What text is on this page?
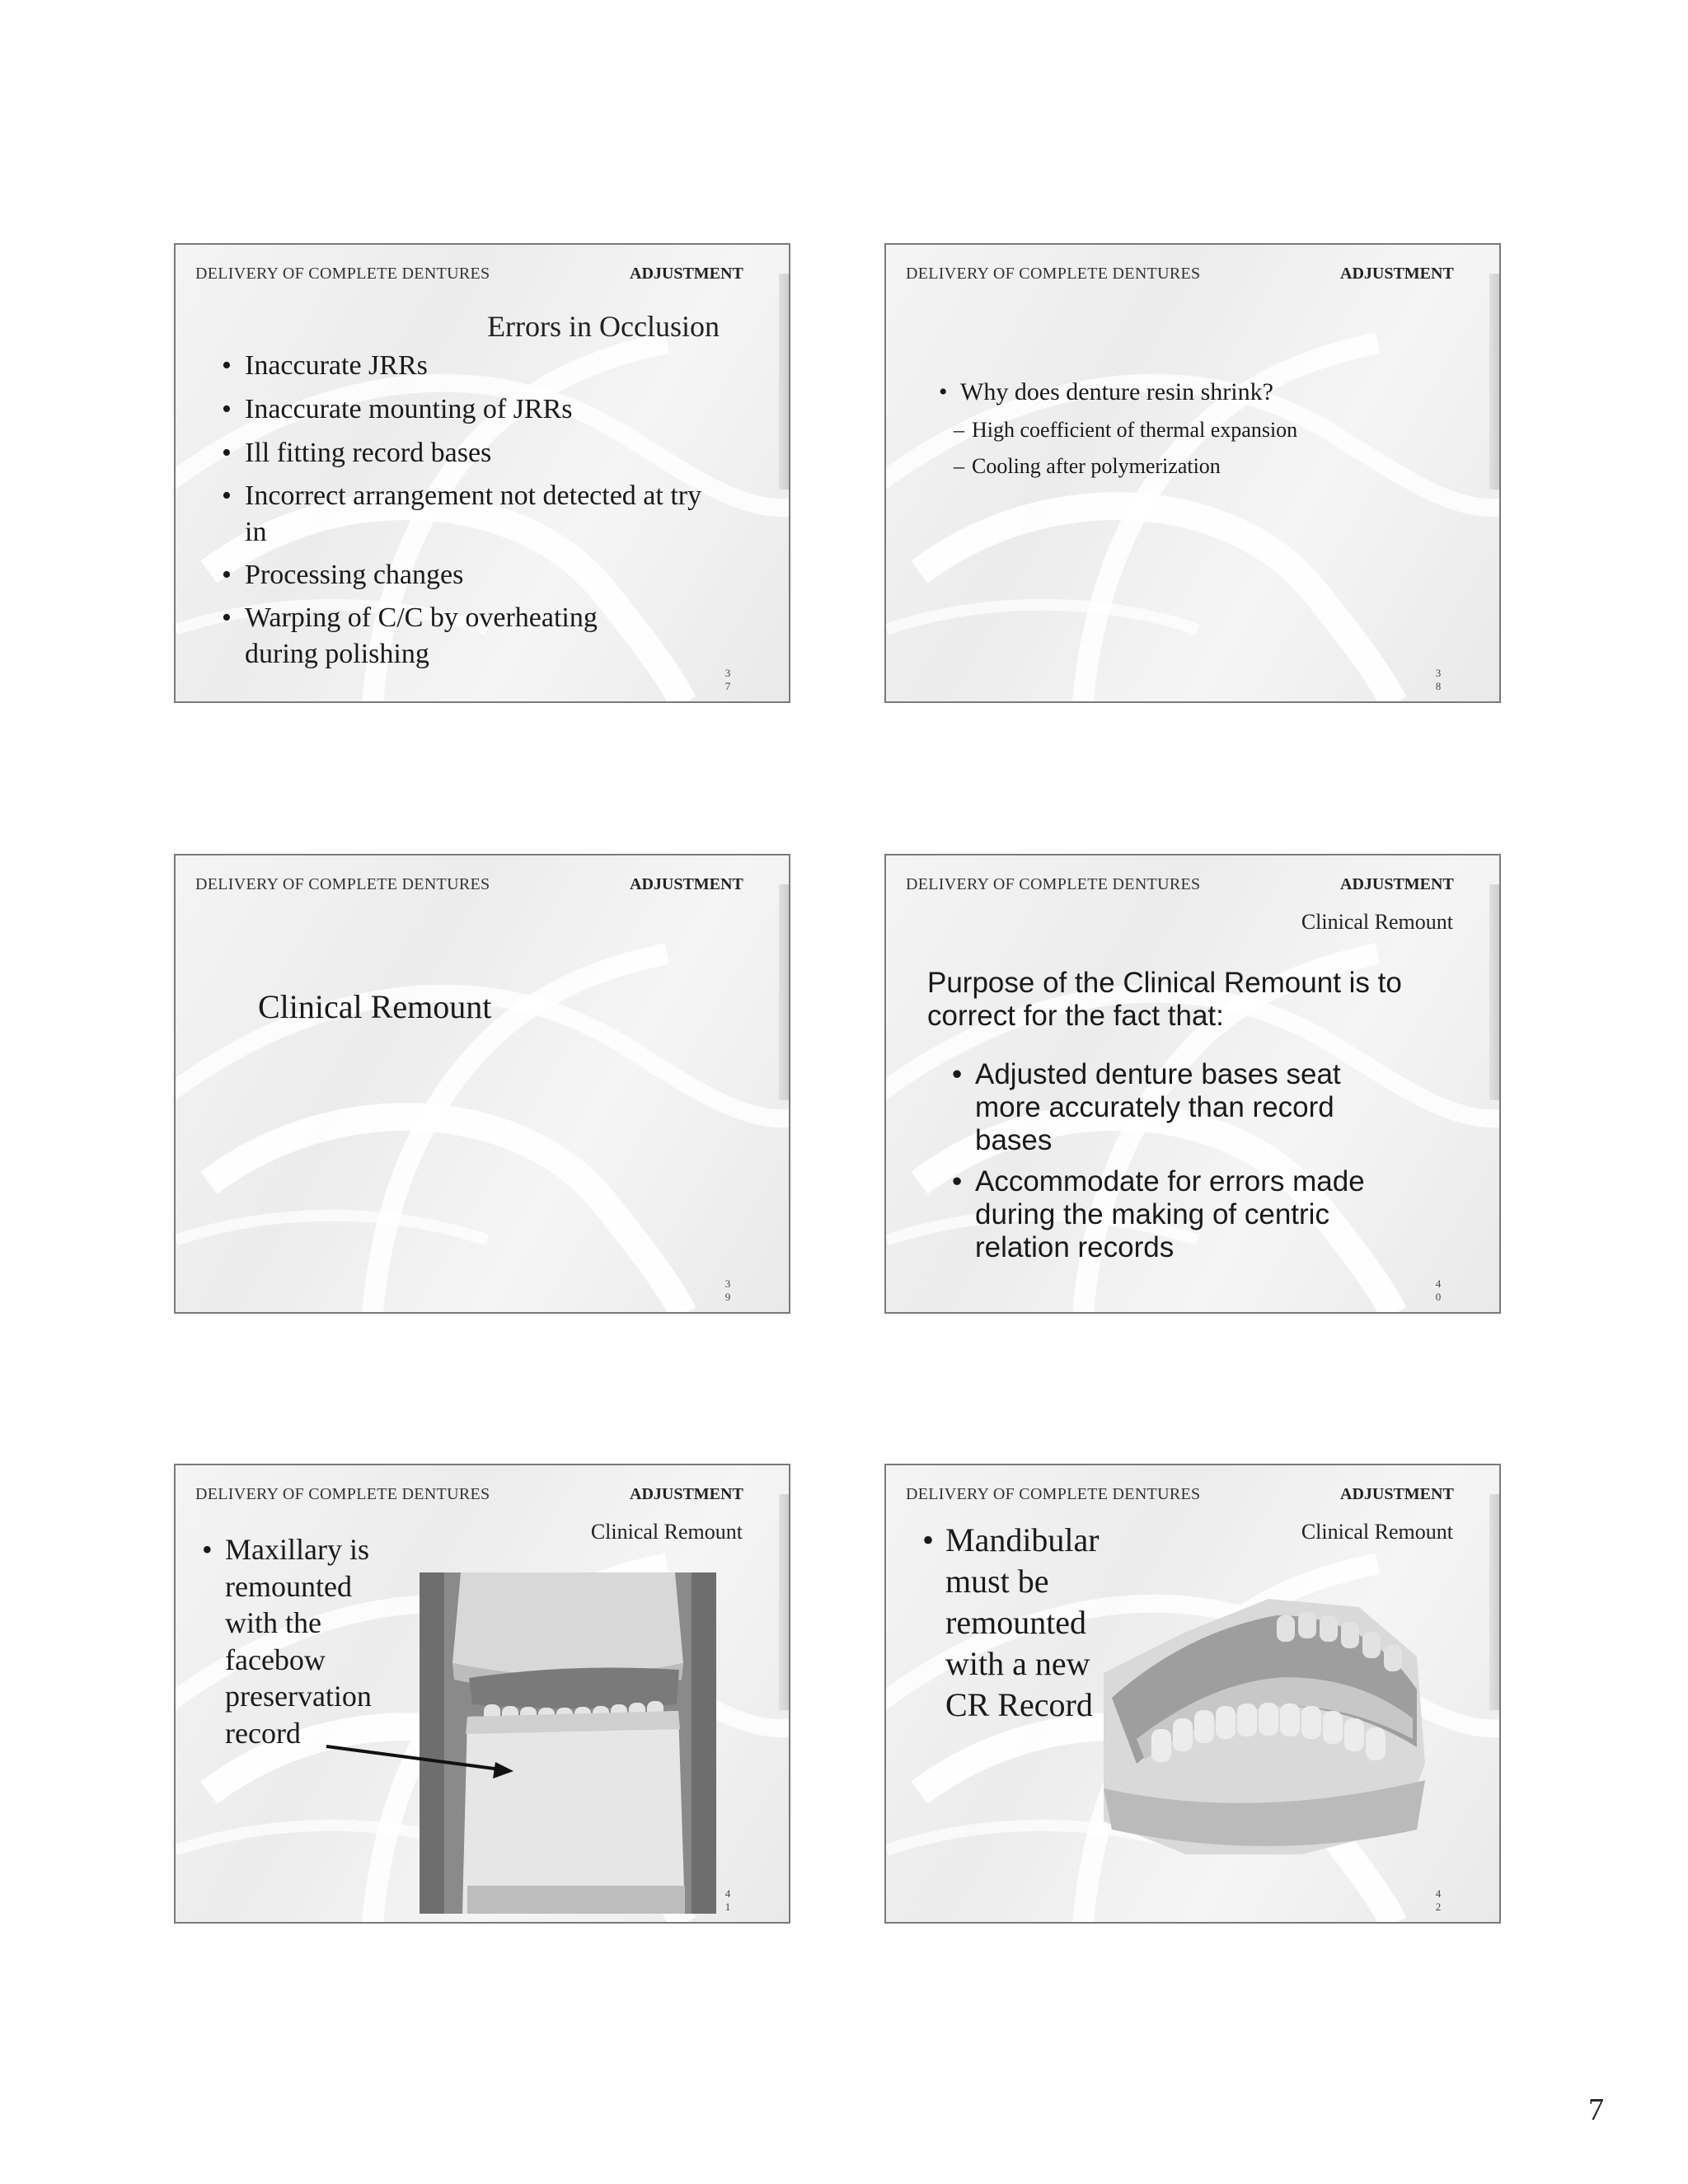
DELIVERY OF COMPLETE DENTURES	ADJUSTMENT
Errors in Occlusion
• Inaccurate JRRs
• Inaccurate mounting of JRRs
• Ill fitting record bases
• Incorrect arrangement not detected at try in
• Processing changes
• Warping of C/C by overheating during polishing
3
7
DELIVERY OF COMPLETE DENTURES	ADJUSTMENT
• Why does denture resin shrink?
– High coefficient of thermal expansion
– Cooling after polymerization
3
8
DELIVERY OF COMPLETE DENTURES	ADJUSTMENT
Clinical Remount
3
9
DELIVERY OF COMPLETE DENTURES	ADJUSTMENT
Clinical Remount
Purpose of the Clinical Remount is to correct for the fact that:
• Adjusted denture bases seat more accurately than record bases
• Accommodate for errors made during the making of centric relation records
4
0
DELIVERY OF COMPLETE DENTURES	ADJUSTMENT
Clinical Remount
• Maxillary is remounted with the facebow preservation record
4
1
DELIVERY OF COMPLETE DENTURES	ADJUSTMENT
Clinical Remount
• Mandibular must be remounted with a new CR Record
4
2
7
